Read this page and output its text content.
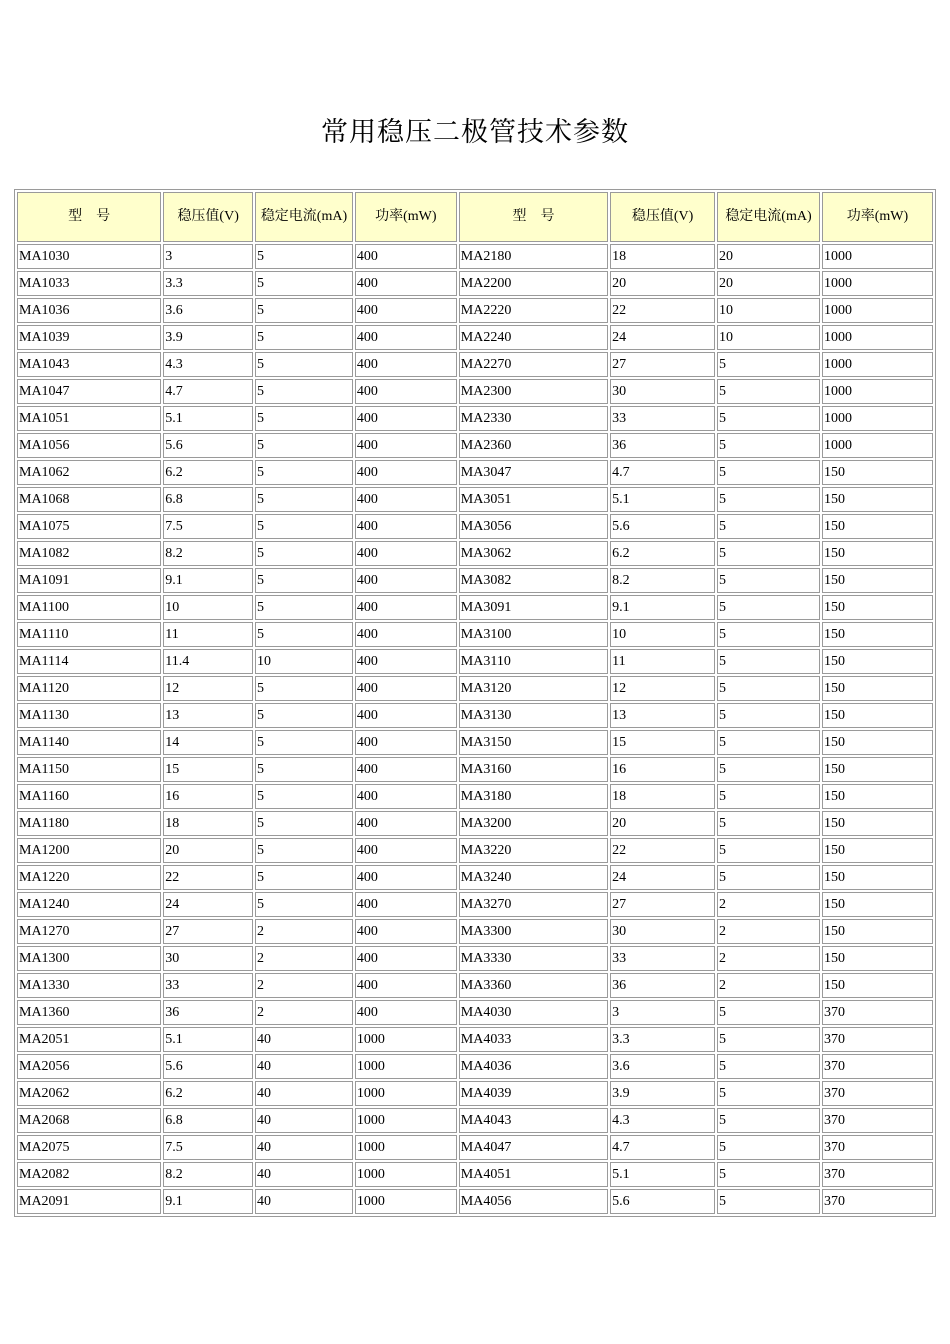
常用稳压二极管技术参数
型　号	稳压值(V)	稳定电流(mA)	功率(mW)	型　号	稳压值(V)	稳定电流(mA)	功率(mW)
MA1030	3	5	400	MA2180	18	20	1000
MA1033	3.3	5	400	MA2200	20	20	1000
MA1036	3.6	5	400	MA2220	22	10	1000
MA1039	3.9	5	400	MA2240	24	10	1000
MA1043	4.3	5	400	MA2270	27	5	1000
MA1047	4.7	5	400	MA2300	30	5	1000
MA1051	5.1	5	400	MA2330	33	5	1000
MA1056	5.6	5	400	MA2360	36	5	1000
MA1062	6.2	5	400	MA3047	4.7	5	150
MA1068	6.8	5	400	MA3051	5.1	5	150
MA1075	7.5	5	400	MA3056	5.6	5	150
MA1082	8.2	5	400	MA3062	6.2	5	150
MA1091	9.1	5	400	MA3082	8.2	5	150
MA1100	10	5	400	MA3091	9.1	5	150
MA1110	11	5	400	MA3100	10	5	150
MA1114	11.4	10	400	MA3110	11	5	150
MA1120	12	5	400	MA3120	12	5	150
MA1130	13	5	400	MA3130	13	5	150
MA1140	14	5	400	MA3150	15	5	150
MA1150	15	5	400	MA3160	16	5	150
MA1160	16	5	400	MA3180	18	5	150
MA1180	18	5	400	MA3200	20	5	150
MA1200	20	5	400	MA3220	22	5	150
MA1220	22	5	400	MA3240	24	5	150
MA1240	24	5	400	MA3270	27	2	150
MA1270	27	2	400	MA3300	30	2	150
MA1300	30	2	400	MA3330	33	2	150
MA1330	33	2	400	MA3360	36	2	150
MA1360	36	2	400	MA4030	3	5	370
MA2051	5.1	40	1000	MA4033	3.3	5	370
MA2056	5.6	40	1000	MA4036	3.6	5	370
MA2062	6.2	40	1000	MA4039	3.9	5	370
MA2068	6.8	40	1000	MA4043	4.3	5	370
MA2075	7.5	40	1000	MA4047	4.7	5	370
MA2082	8.2	40	1000	MA4051	5.1	5	370
MA2091	9.1	40	1000	MA4056	5.6	5	370
